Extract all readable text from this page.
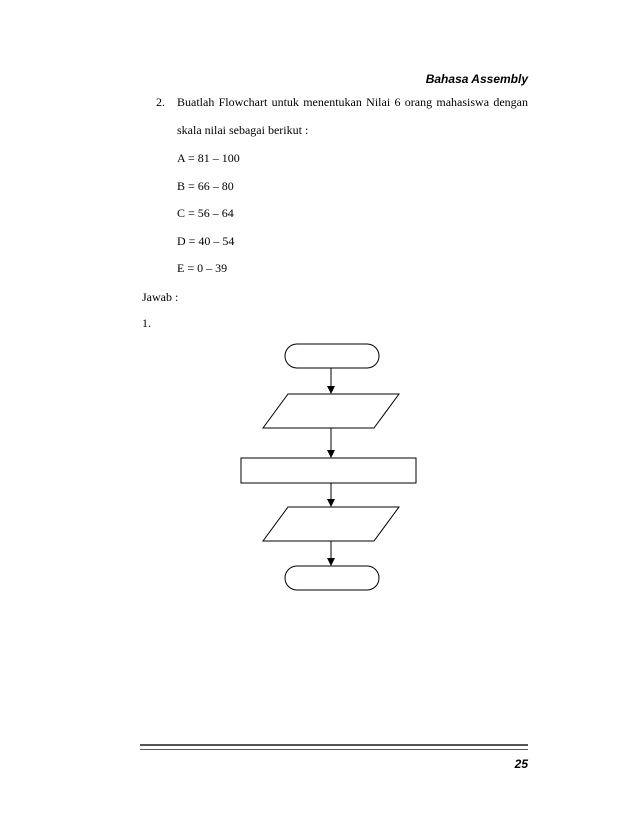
Bahasa Assembly
2. Buatlah Flowchart untuk menentukan Nilai 6 orang mahasiswa dengan
skala nilai sebagai berikut :
A = 81 – 100
B = 66 – 80
C = 56 – 64
D = 40 – 54
E = 0 – 39
Jawab :
1.
25
